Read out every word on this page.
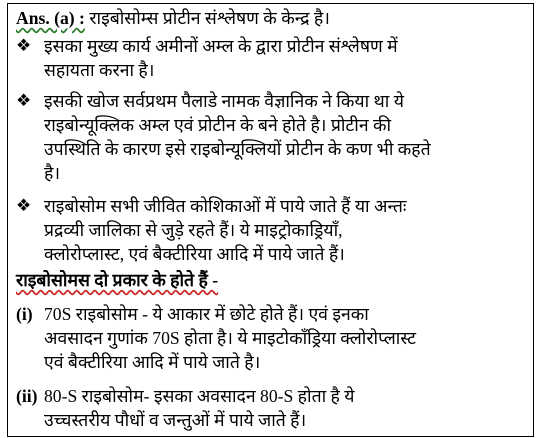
Ans. (a) : राइबोसोम्स प्रोटीन संश्लेषण के केन्द्र है।
❖ इसका मुख्य कार्य अमीनों अम्ल के द्वारा प्रोटीन संश्लेषण में
सहायता करना है।
❖ इसकी खोज सर्वप्रथम पैलाडे नामक वैज्ञानिक ने किया था ये
राइबोन्यूक्लिक अम्ल एवं प्रोटीन के बने होते है। प्रोटीन की
उपस्थिति के कारण इसे राइबोन्यूक्लियों प्रोटीन के कण भी कहते
है।
❖ राइबोसोम सभी जीवित कोशिकाओं में पाये जाते हैं या अन्तः
प्रद्रव्यी जालिका से जुड़े रहते हैं। ये माइट्रोकाड्रियॉं,
क्लोरोप्लास्ट, एवं बैक्टीरिया आदि में पाये जाते हैं।
राइबोसोमस दो प्रकार के होते हैं -
(i) 70S राइबोसोम - ये आकार में छोटे होते हैं। एवं इनका
अवसादन गुणांक 70S होता है। ये माइटोकॉंड्रिया क्लोरोप्लास्ट
एवं बैक्टीरिया आदि में पाये जाते है।
(ii) 80-S राइबोसोम- इसका अवसादन 80-S होता है ये
उच्चस्तरीय पौधों व जन्तुओं में पाये जाते हैं।
